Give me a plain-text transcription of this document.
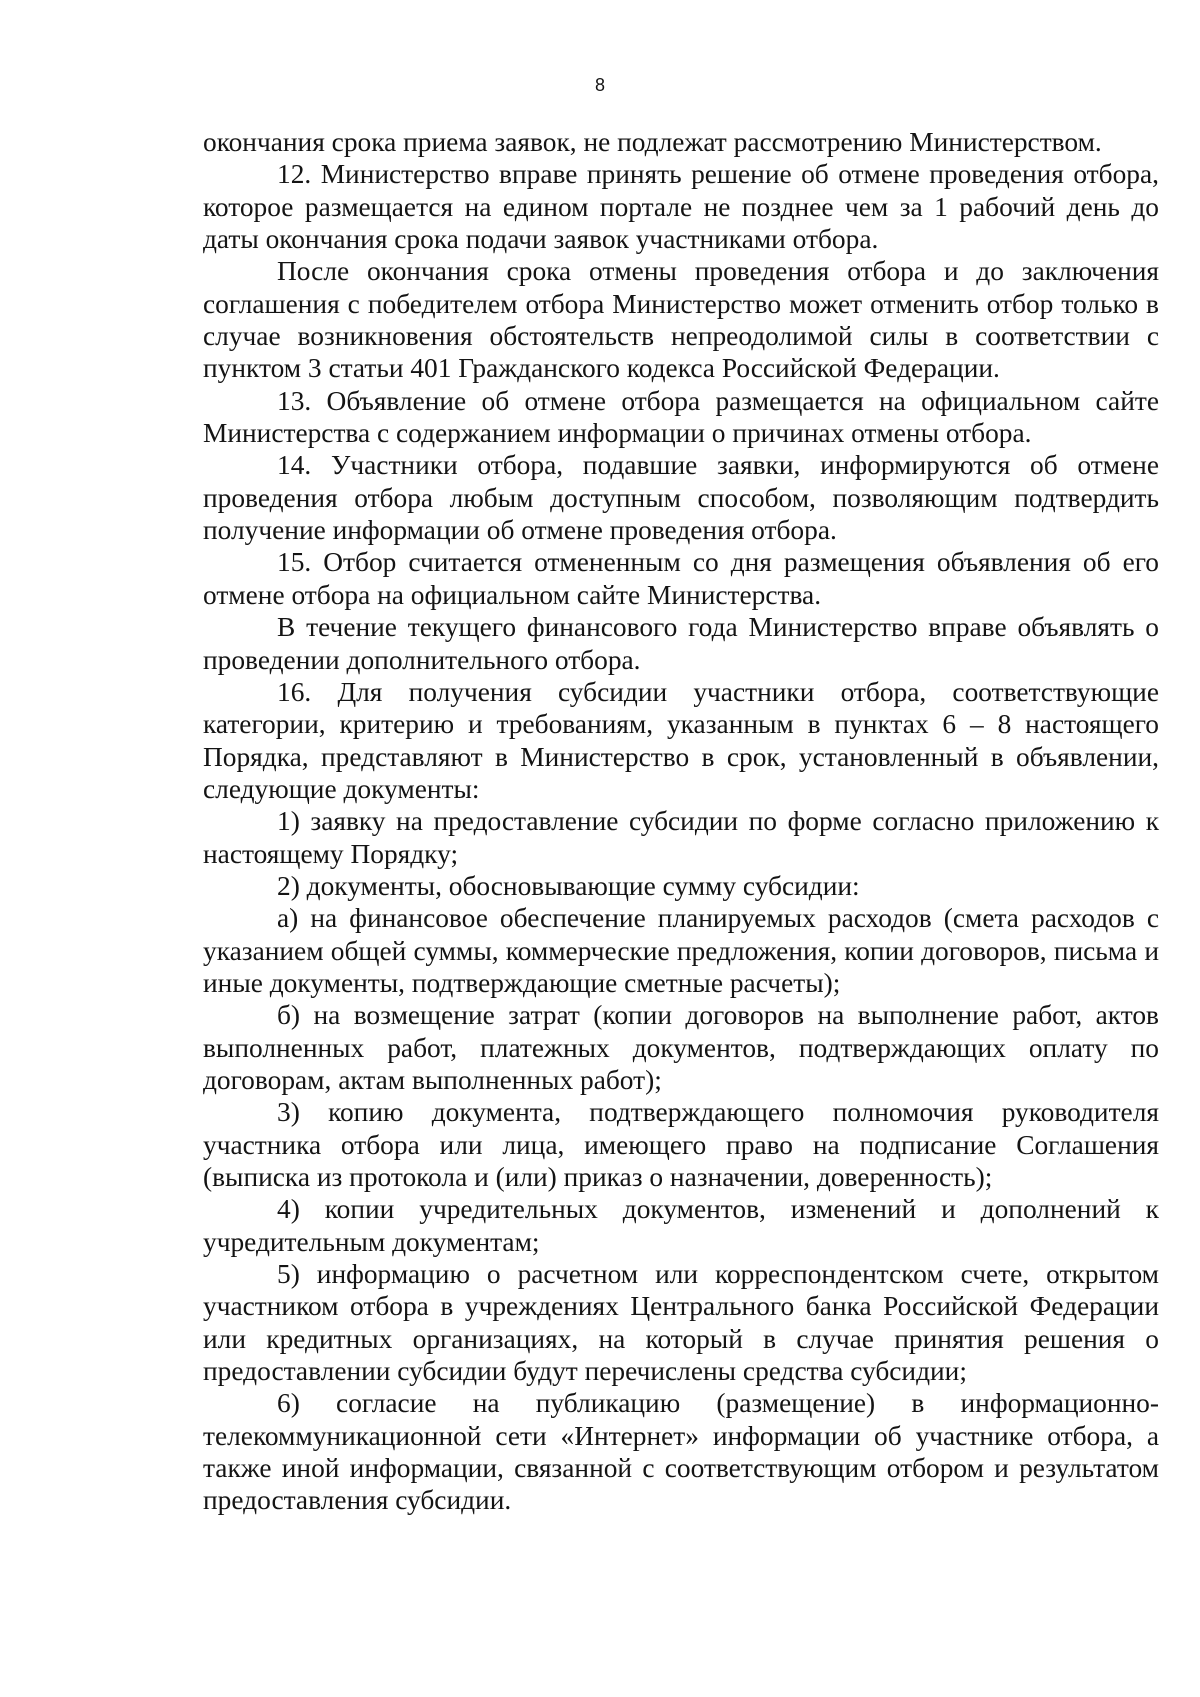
8

окончания срока приема заявок, не подлежат рассмотрению Министерством.

12. Министерство вправе принять решение об отмене проведения отбора, которое размещается на едином портале не позднее чем за 1 рабочий день до даты окончания срока подачи заявок участниками отбора.

После окончания срока отмены проведения отбора и до заключения соглашения с победителем отбора Министерство может отменить отбор только в случае возникновения обстоятельств непреодолимой силы в соответствии с пунктом 3 статьи 401 Гражданского кодекса Российской Федерации.

13. Объявление об отмене отбора размещается на официальном сайте Министерства с содержанием информации о причинах отмены отбора.

14. Участники отбора, подавшие заявки, информируются об отмене проведения отбора любым доступным способом, позволяющим подтвердить получение информации об отмене проведения отбора.

15. Отбор считается отмененным со дня размещения объявления об его отмене отбора на официальном сайте Министерства.

В течение текущего финансового года Министерство вправе объявлять о проведении дополнительного отбора.

16. Для получения субсидии участники отбора, соответствующие категории, критерию и требованиям, указанным в пунктах 6 – 8 настоящего Порядка, представляют в Министерство в срок, установленный в объявлении, следующие документы:

1) заявку на предоставление субсидии по форме согласно приложению к настоящему Порядку;

2) документы, обосновывающие сумму субсидии:

а) на финансовое обеспечение планируемых расходов (смета расходов с указанием общей суммы, коммерческие предложения, копии договоров, письма и иные документы, подтверждающие сметные расчеты);

б) на возмещение затрат (копии договоров на выполнение работ, актов выполненных работ, платежных документов, подтверждающих оплату по договорам, актам выполненных работ);

3) копию документа, подтверждающего полномочия руководителя участника отбора или лица, имеющего право на подписание Соглашения (выписка из протокола и (или) приказ о назначении, доверенность);

4) копии учредительных документов, изменений и дополнений к учредительным документам;

5) информацию о расчетном или корреспондентском счете, открытом участником отбора в учреждениях Центрального банка Российской Федерации или кредитных организациях, на который в случае принятия решения о предоставлении субсидии будут перечислены средства субсидии;

6) согласие на публикацию (размещение) в информационно-телекоммуникационной сети «Интернет» информации об участнике отбора, а также иной информации, связанной с соответствующим отбором и результатом предоставления субсидии.
